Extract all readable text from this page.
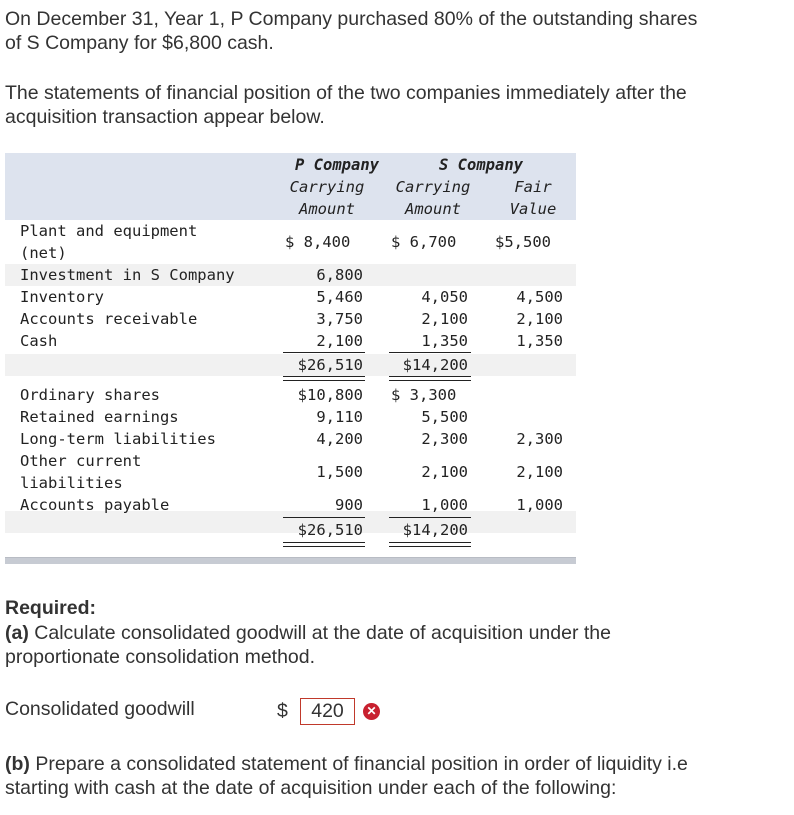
On December 31, Year 1, P Company purchased 80% of the outstanding shares

of S Company for $6,800 cash.

The statements of financial position of the two companies immediately after the

acquisition transaction appear below.

P Company	S Company
Carrying	Carrying	Fair
Amount	Amount	Value
Plant and equipment
(net)
$ 8,400	$ 6,700 $5,500
Investment in S Company	6,800
Inventory	5,460	4,050	4,500
Accounts receivable	3,750	2,100	2,100
Cash	2,100	1,350	1,350
$26,510	$14,200
Ordinary shares	$10,800 $ 3,300
Retained earnings	9,110	5,500
Long-term liabilities	4,200	2,300	2,300
Other current
liabilities
1,500	2,100	2,100
Accounts payable	900	1,000	1,000
$26,510	$14,200
Required:

(a) Calculate consolidated goodwill at the date of acquisition under the

proportionate consolidation method.

Consolidated goodwill	$	420	✕

(b) Prepare a consolidated statement of financial position in order of liquidity i.e

starting with cash at the date of acquisition under each of the following:
